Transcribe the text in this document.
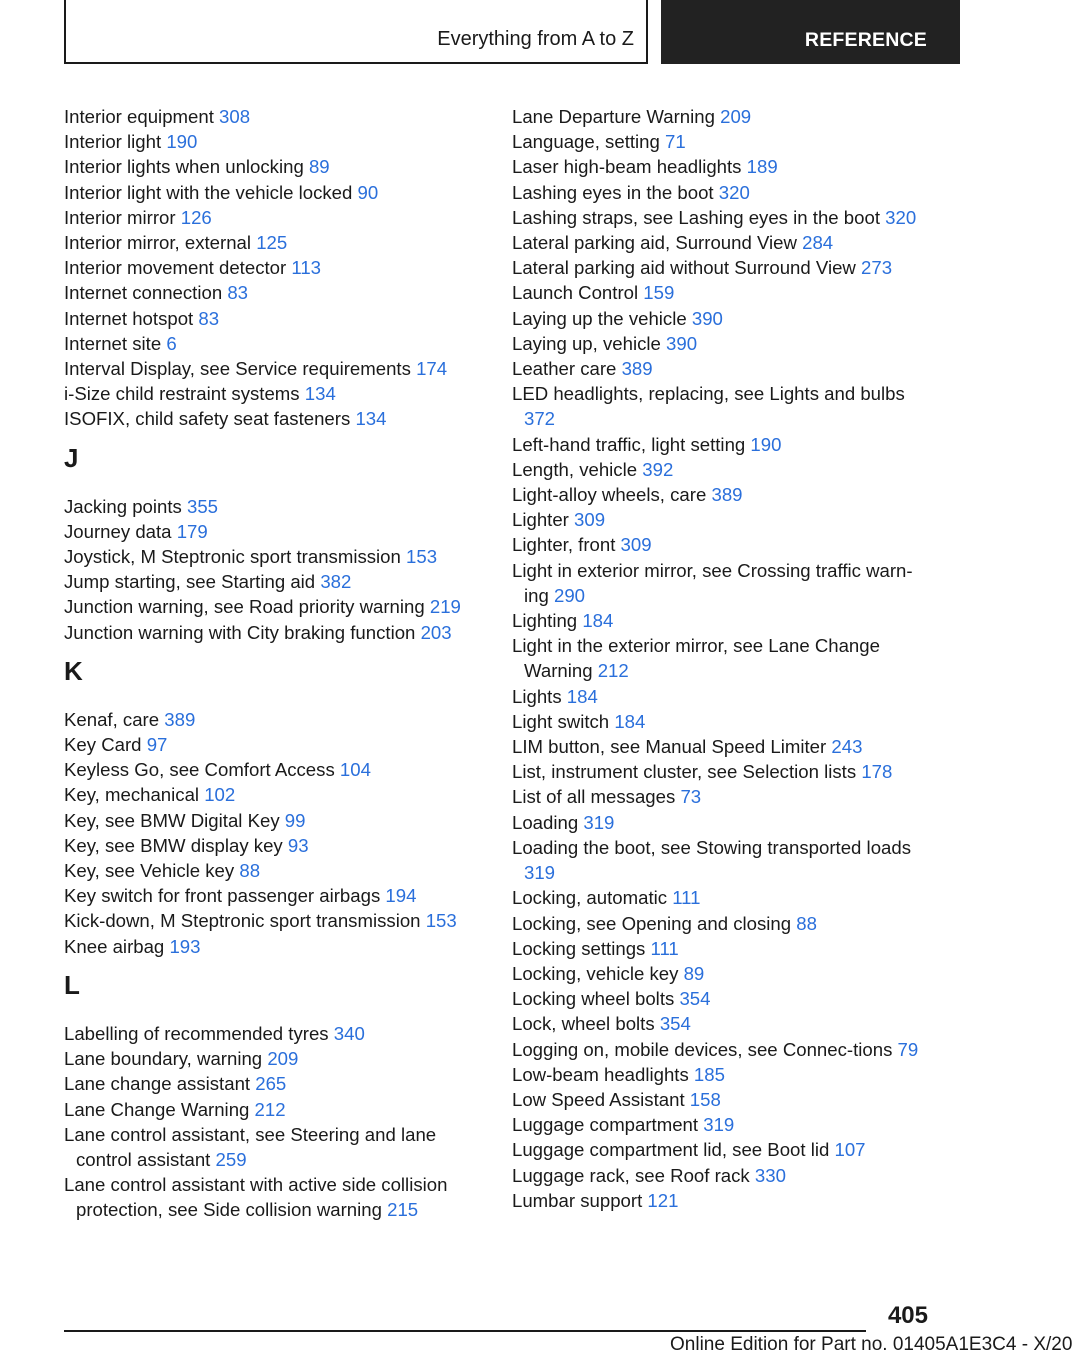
Everything from A to Z	REFERENCE
Interior equipment 308
Interior light 190
Interior lights when unlocking 89
Interior light with the vehicle locked 90
Interior mirror 126
Interior mirror, external 125
Interior movement detector 113
Internet connection 83
Internet hotspot 83
Internet site 6
Interval Display, see Service requirements 174
i-Size child restraint systems 134
ISOFIX, child safety seat fasteners 134
J
Jacking points 355
Journey data 179
Joystick, M Steptronic sport transmission 153
Jump starting, see Starting aid 382
Junction warning, see Road priority warning 219
Junction warning with City braking function 203
K
Kenaf, care 389
Key Card 97
Keyless Go, see Comfort Access 104
Key, mechanical 102
Key, see BMW Digital Key 99
Key, see BMW display key 93
Key, see Vehicle key 88
Key switch for front passenger airbags 194
Kick-down, M Steptronic sport transmission 153
Knee airbag 193
L
Labelling of recommended tyres 340
Lane boundary, warning 209
Lane change assistant 265
Lane Change Warning 212
Lane control assistant, see Steering and lane control assistant 259
Lane control assistant with active side collision protection, see Side collision warning 215
Lane Departure Warning 209
Language, setting 71
Laser high-beam headlights 189
Lashing eyes in the boot 320
Lashing straps, see Lashing eyes in the boot 320
Lateral parking aid, Surround View 284
Lateral parking aid without Surround View 273
Launch Control 159
Laying up the vehicle 390
Laying up, vehicle 390
Leather care 389
LED headlights, replacing, see Lights and bulbs 372
Left-hand traffic, light setting 190
Length, vehicle 392
Light-alloy wheels, care 389
Lighter 309
Lighter, front 309
Light in exterior mirror, see Crossing traffic warn-ing 290
Lighting 184
Light in the exterior mirror, see Lane Change Warning 212
Lights 184
Light switch 184
LIM button, see Manual Speed Limiter 243
List, instrument cluster, see Selection lists 178
List of all messages 73
Loading 319
Loading the boot, see Stowing transported loads 319
Locking, automatic 111
Locking, see Opening and closing 88
Locking settings 111
Locking, vehicle key 89
Locking wheel bolts 354
Lock, wheel bolts 354
Logging on, mobile devices, see Connec-tions 79
Low-beam headlights 185
Low Speed Assistant 158
Luggage compartment 319
Luggage compartment lid, see Boot lid 107
Luggage rack, see Roof rack 330
Lumbar support 121
405
Online Edition for Part no. 01405A1E3C4 - X/20
